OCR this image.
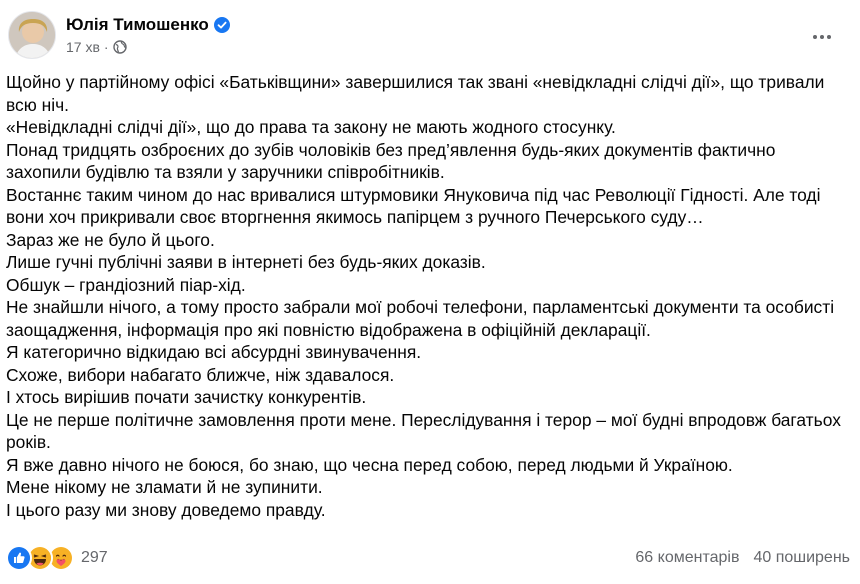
Юлія Тимошенко
17 хв ·

Щойно у партійному офісі «Батьківщини» завершилися так звані «невідкладні слідчі дії», що тривали всю ніч.

«Невідкладні слідчі дії», що до права та закону не мають жодного стосунку.

Понад тридцять озброєних до зубів чоловіків без пред’явлення будь-яких документів фактично захопили будівлю та взяли у заручники співробітників.

Востаннє таким чином до нас вривалися штурмовики Януковича під час Революції Гідності. Але тоді вони хоч прикривали своє вторгнення якимось папірцем з ручного Печерського суду…

Зараз же не було й цього.

Лише гучні публічні заяви в інтернеті без будь-яких доказів.

Обшук – грандіозний піар-хід.

Не знайшли нічого, а тому просто забрали мої робочі телефони, парламентські документи та особисті заощадження, інформація про які повністю відображена в офіційній декларації.

Я категорично відкидаю всі абсурдні звинувачення.

Схоже, вибори набагато ближче, ніж здавалося.

І хтось вирішив почати зачистку конкурентів.

Це не перше політичне замовлення проти мене. Переслідування і терор – мої будні впродовж багатьох років.

Я вже давно нічого не боюся, бо знаю, що чесна перед собою, перед людьми й Україною.

Мене нікому не зламати й не зупинити.

І цього разу ми знову доведемо правду.

297	66 коментарів 40 поширень
